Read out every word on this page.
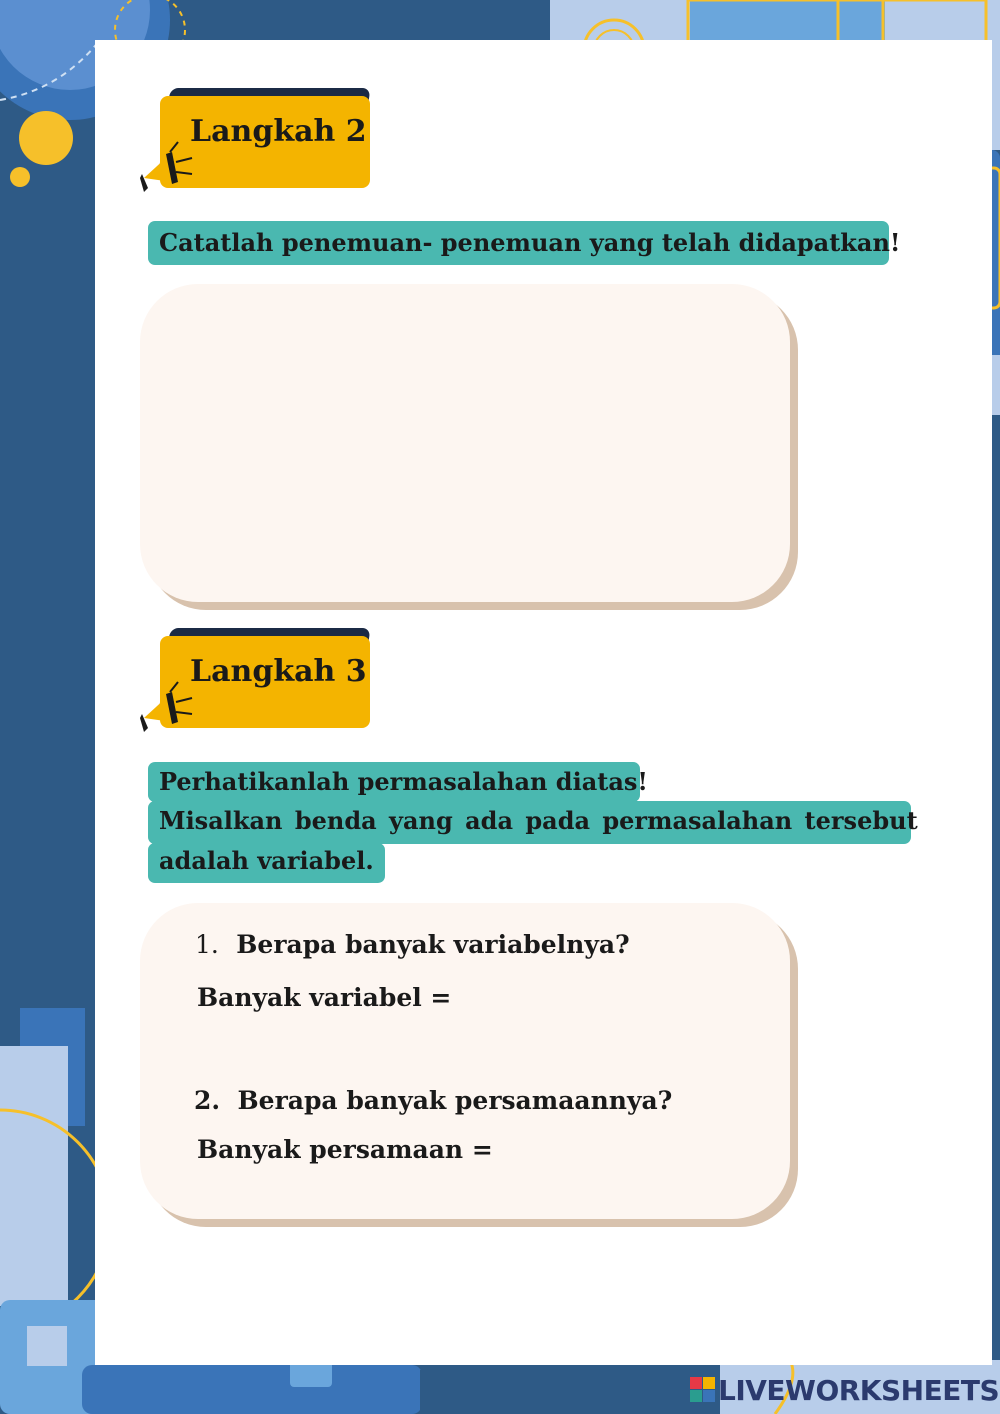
Langkah 2
Catatlah penemuan- penemuan yang telah didapatkan!
Langkah 3
Perhatikanlah permasalahan diatas!
Misalkan benda yang ada pada permasalahan tersebut
adalah variabel.
1. Berapa banyak variabelnya?
Banyak variabel =
2. Berapa banyak persamaannya?
Banyak persamaan =
LIVEWORKSHEETS
